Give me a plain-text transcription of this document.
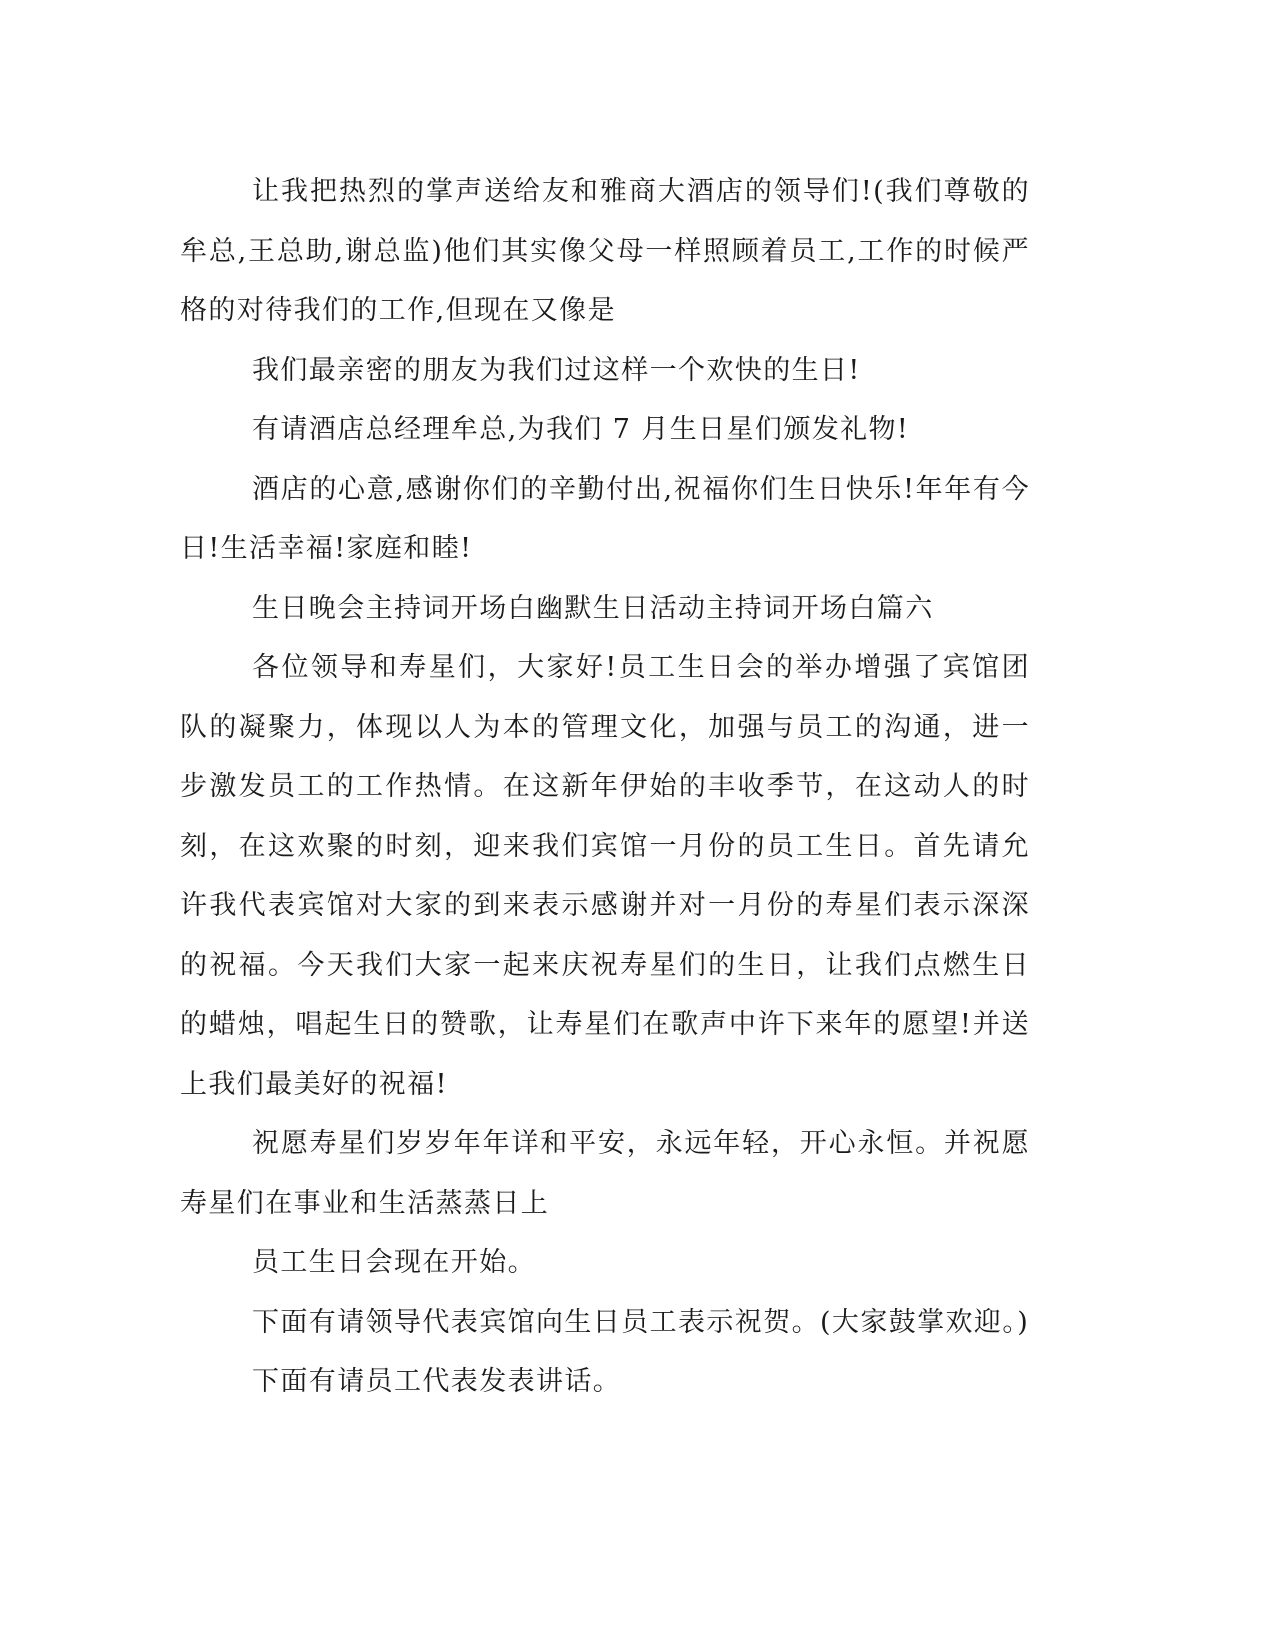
让我把热烈的掌声送给友和雅商大酒店的领导们!(我们尊敬的牟总,王总助,谢总监)他们其实像父母一样照顾着员工,工作的时候严格的对待我们的工作,但现在又像是

我们最亲密的朋友为我们过这样一个欢快的生日!

有请酒店总经理牟总,为我们 7 月生日星们颁发礼物!

酒店的心意,感谢你们的辛勤付出,祝福你们生日快乐!年年有今日!生活幸福!家庭和睦!

生日晚会主持词开场白幽默生日活动主持词开场白篇六

各位领导和寿星们，大家好!员工生日会的举办增强了宾馆团队的凝聚力，体现以人为本的管理文化，加强与员工的沟通，进一步激发员工的工作热情。在这新年伊始的丰收季节，在这动人的时刻，在这欢聚的时刻，迎来我们宾馆一月份的员工生日。首先请允许我代表宾馆对大家的到来表示感谢并对一月份的寿星们表示深深的祝福。今天我们大家一起来庆祝寿星们的生日，让我们点燃生日的蜡烛，唱起生日的赞歌，让寿星们在歌声中许下来年的愿望!并送上我们最美好的祝福!

祝愿寿星们岁岁年年详和平安，永远年轻，开心永恒。并祝愿寿星们在事业和生活蒸蒸日上

员工生日会现在开始。

下面有请领导代表宾馆向生日员工表示祝贺。(大家鼓掌欢迎。)

下面有请员工代表发表讲话。
